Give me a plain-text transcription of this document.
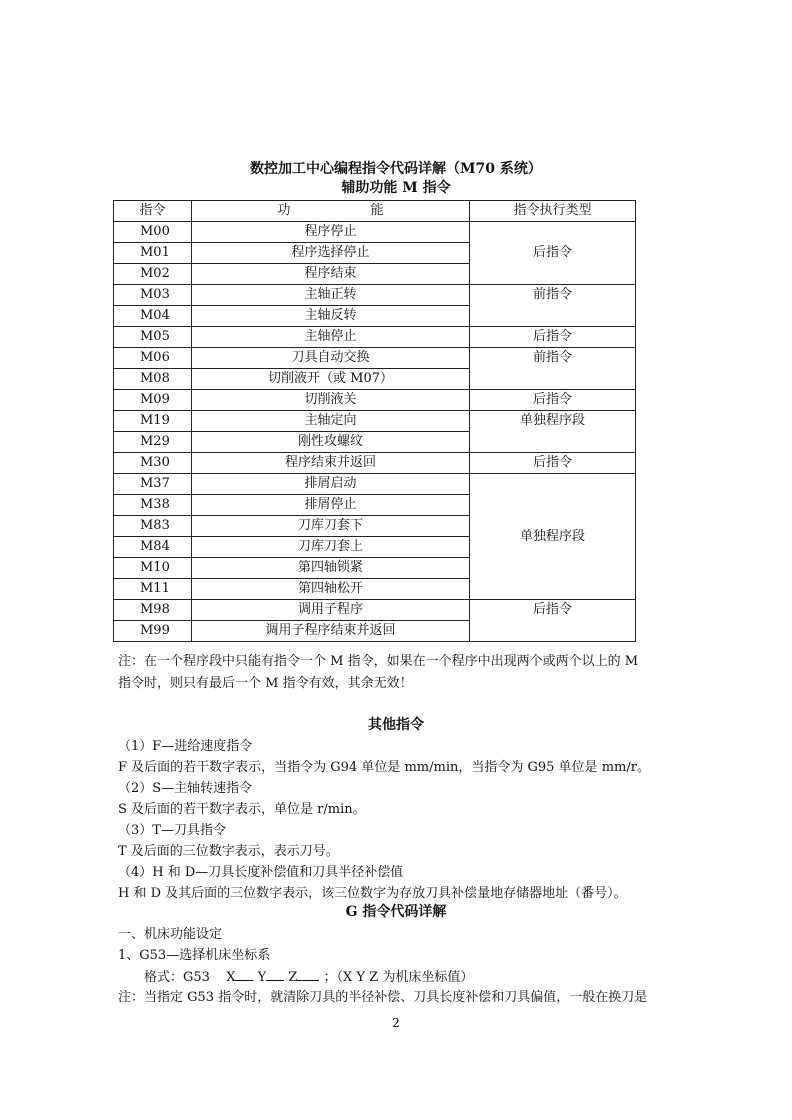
数控加工中心编程指令代码详解（M70 系统）
辅助功能 M 指令
指令	功 能	指令执行类型
M00	程序停止	后指令
M01	程序选择停止	
M02	程序结束	
M03	主轴正转	前指令
M04	主轴反转	
M05	主轴停止	后指令
M06	刀具自动交换	前指令
M08	切削液开（或 M07）	
M09	切削液关	后指令
M19	主轴定向	单独程序段
M29	刚性攻螺纹	
M30	程序结束并返回	后指令
M37	排屑启动	单独程序段
M38	排屑停止	
M83	刀库刀套下	
M84	刀库刀套上	
M10	第四轴锁紧	
M11	第四轴松开	
M98	调用子程序	后指令
M99	调用子程序结束并返回	
注：在一个程序段中只能有指令一个 M 指令，如果在一个程序中出现两个或两个以上的 M
指令时，则只有最后一个 M 指令有效，其余无效！
其他指令
（1）F—进给速度指令
F 及后面的若干数字表示，当指令为 G94 单位是 mm/min，当指令为 G95 单位是 mm/r。
（2）S—主轴转速指令
S 及后面的若干数字表示，单位是 r/min。
（3）T—刀具指令
T 及后面的三位数字表示，表示刀号。
（4）H 和 D—刀具长度补偿值和刀具半径补偿值
H 和 D 及其后面的三位数字表示，该三位数字为存放刀具补偿量地存储器地址（番号）。
G 指令代码详解
一、机床功能设定
1、G53—选择机床坐标系
格式：G53 X Y Z ；（X Y Z 为机床坐标值）
注：当指定 G53 指令时，就清除刀具的半径补偿、刀具长度补偿和刀具偏值，一般在换刀是
2
